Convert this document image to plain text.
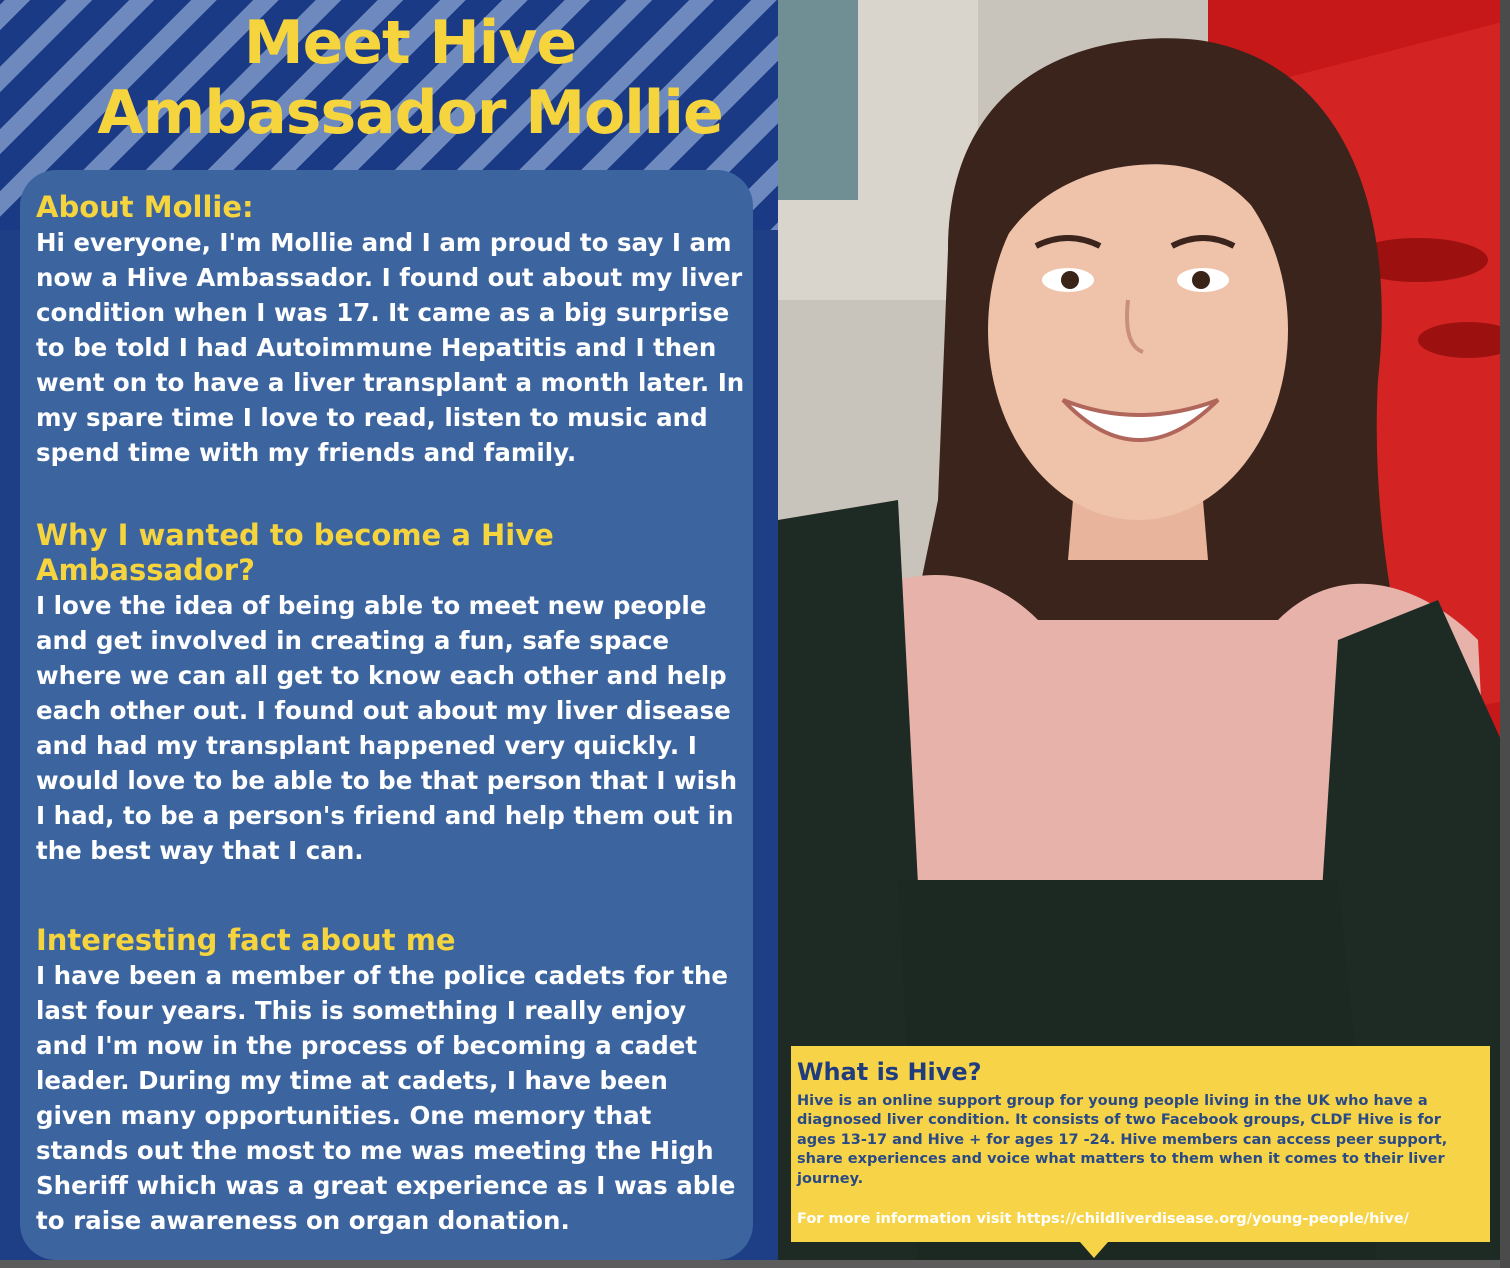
Meet Hive
Ambassador Mollie
About Mollie:

Hi everyone, I'm Mollie and I am proud to say I am now a Hive Ambassador. I found out about my liver condition when I was 17. It came as a big surprise to be told I had Autoimmune Hepatitis and I then went on to have a liver transplant a month later. In my spare time I love to read, listen to music and spend time with my friends and family.

Why I wanted to become a Hive
Ambassador?

I love the idea of being able to meet new people and get involved in creating a fun, safe space where we can all get to know each other and help each other out. I found out about my liver disease and had my transplant happened very quickly. I would love to be able to be that person that I wish I had, to be a person's friend and help them out in the best way that I can.

Interesting fact about me

I have been a member of the police cadets for the last four years. This is something I really enjoy and I'm now in the process of becoming a cadet leader. During my time at cadets, I have been given many opportunities. One memory that stands out the most to me was meeting the High Sheriff which was a great experience as I was able to raise awareness on organ donation.

What is Hive?
Hive is an online support group for young people living in the UK who have a diagnosed liver condition. It consists of two Facebook groups, CLDF Hive is for ages 13-17 and Hive + for ages 17 -24. Hive members can access peer support, share experiences and voice what matters to them when it comes to their liver journey.
For more information visit https://childliverdisease.org/young-people/hive/
